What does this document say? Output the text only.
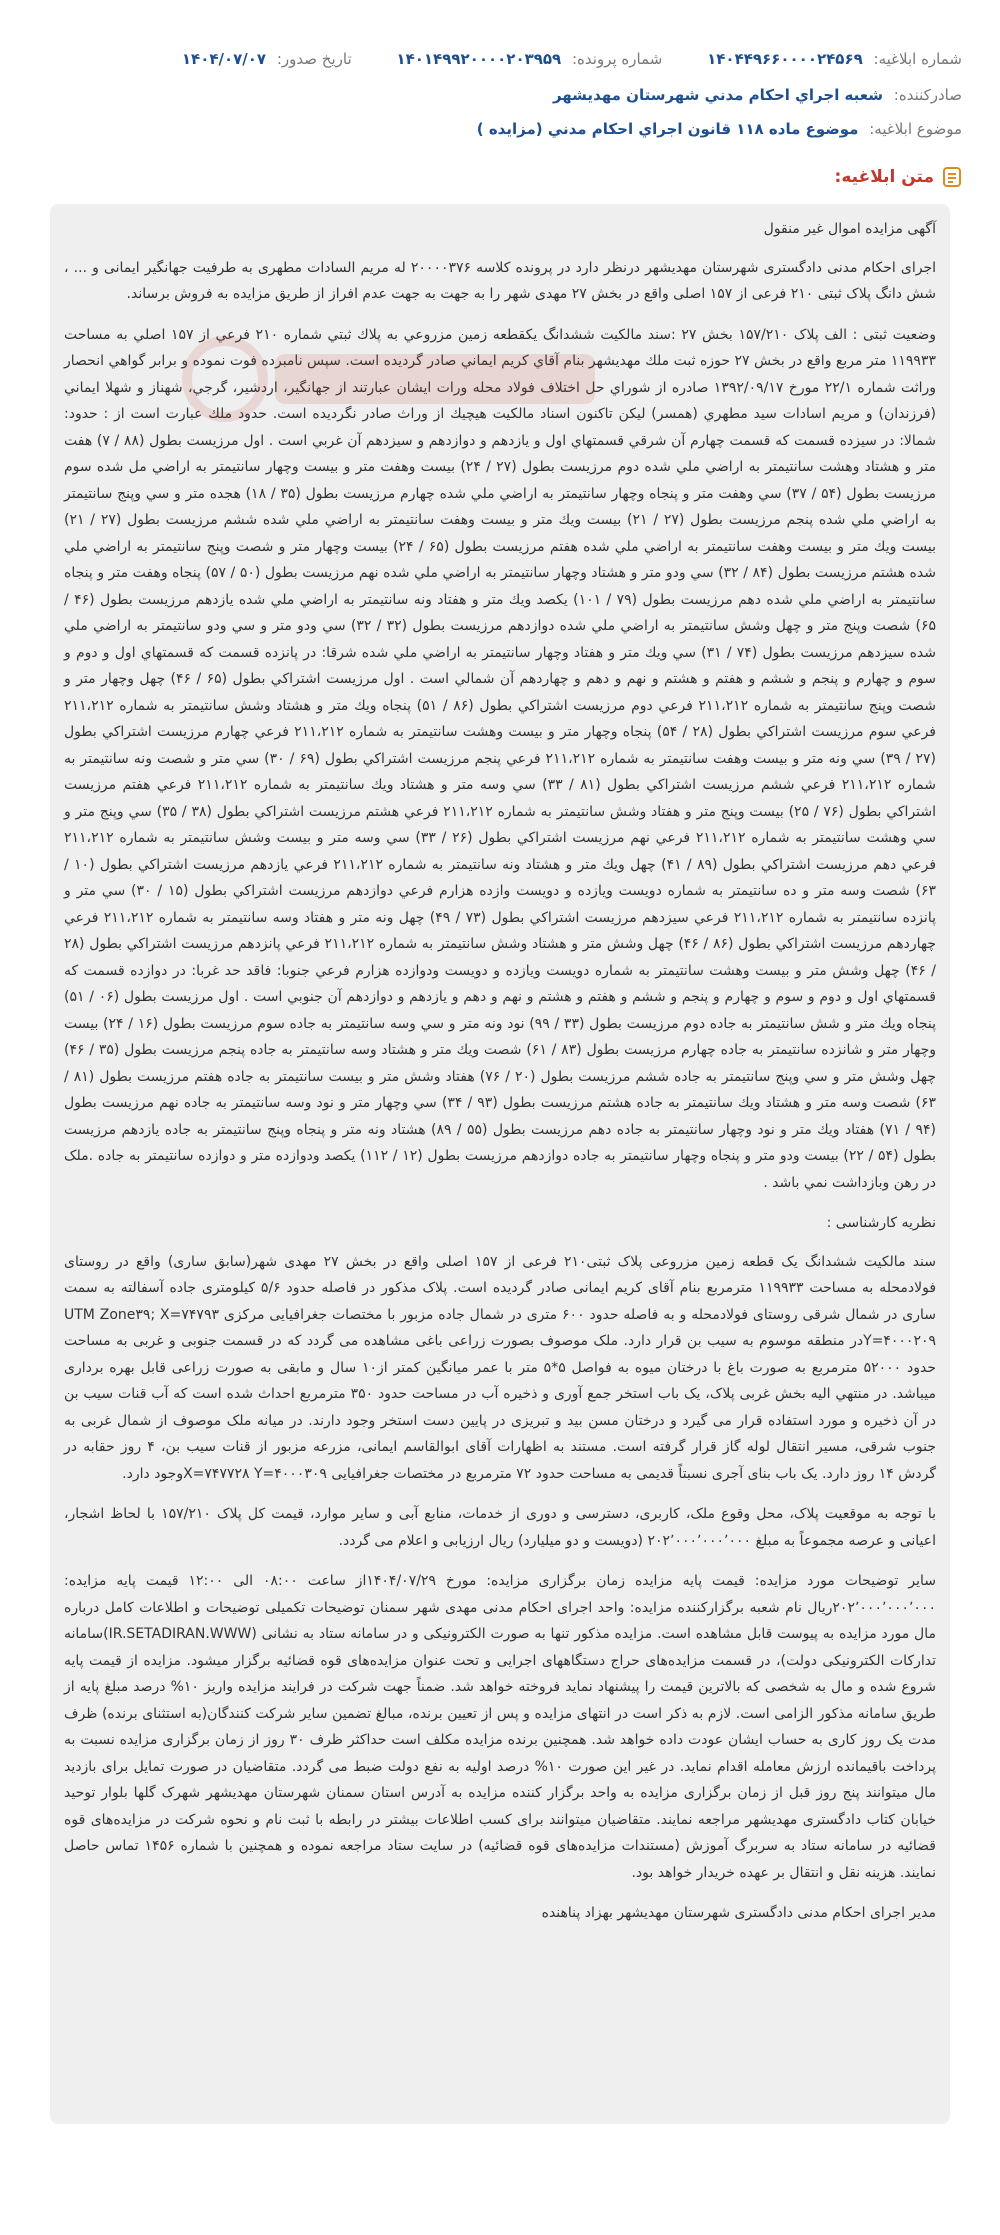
شماره ابلاغيه: ۱۴۰۴۴۹۶۶۰۰۰۰۲۴۵۶۹ شماره پرونده: ۱۴۰۱۴۹۹۲۰۰۰۰۲۰۳۹۵۹ تاريخ صدور: ۱۴۰۴/۰۷/۰۷
صادرکننده: شعبه اجراي احکام مدني شهرستان مهديشهر
موضوع ابلاغيه: موضوع ماده ۱۱۸ قانون اجراي احكام مدني (مزايده )
متن ابلاغيه:

آگهی مزایده اموال غیر منقول

اجرای احکام مدنی دادگستری شهرستان مهدیشهر درنظر دارد در پرونده کلاسه ۰۳۷۶‏‏‏۰۰۰‏‏‏۲ له مریم السادات مطهری به طرفیت جهانگیر ایمانی و ... ، شش دانگ پلاک ثبتی ۲۱۰ فرعی از ۱۵۷ اصلی واقع در بخش ۲۷ مهدی شهر را به جهت به جهت عدم افراز از طریق مزایده به فروش برساند.

وضعیت ثبتی : الف پلاک ۱۵۷/۲۱۰ بخش ۲۷ :سند مالكيت ششدانگ يكقطعه زمين مزروعي به پلاك ثبتي شماره ۲۱۰ فرعي از ۱۵۷ اصلي به مساحت ۱۱۹۹۳۳ متر مربع واقع در بخش ۲۷ حوزه ثبت ملك مهديشهر بنام آقاي كريم ايماني صادر گرديده است. سپس نامبرده فوت نموده و برابر گواهي انحصار وراثت شماره ۲۲/۱ مورخ ۱۳۹۲/۰۹/۱۷ صادره از شوراي حل اختلاف فولاد محله ورات ايشان عبارتند از جهانگير، اردشير، گرجي، شهناز و شهلا ايماني (فرزندان) و مريم اسادات سيد مطهري (همسر) ليكن تاكنون اسناد مالكيت هيچيك از وراث صادر نگرديده است. حدود ملك عبارت است از : حدود: شمالا: در سيزده قسمت كه قسمت چهارم آن شرقي قسمتهاي اول و يازدهم و دوازدهم و سيزدهم آن غربي است . اول مرزيست بطول (۸۸ / ۷) هفت متر و هشتاد وهشت سانتيمتر به اراضي ملي شده دوم مرزيست بطول (۲۷ / ۲۴) بيست وهفت متر و بيست وچهار سانتيمتر به اراضي مل شده سوم مرزيست بطول (۵۴ / ۳۷) سي وهفت متر و پنجاه وچهار سانتيمتر به اراضي ملي شده چهارم مرزيست بطول (۳۵ / ۱۸) هجده متر و سي وپنج سانتيمتر به اراضي ملي شده پنجم مرزيست بطول (۲۷ / ۲۱) بيست ويك متر و بيست وهفت سانتيمتر به اراضي ملي شده ششم مرزيست بطول (۲۷ / ۲۱) بيست ويك متر و بيست وهفت سانتيمتر به اراضي ملي شده هفتم مرزيست بطول (۶۵ / ۲۴) بيست وچهار متر و شصت وپنج سانتيمتر به اراضي ملي شده هشتم مرزيست بطول (۸۴ / ۳۲) سي ودو متر و هشتاد وچهار سانتيمتر به اراضي ملي شده نهم مرزيست بطول (۵۰ / ۵۷) پنجاه وهفت متر و پنجاه سانتيمتر به اراضي ملي شده دهم مرزيست بطول (۷۹ / ۱۰۱) يكصد ويك متر و هفتاد ونه سانتيمتر به اراضي ملي شده يازدهم مرزيست بطول (۴۶ / ۶۵) شصت وپنج متر و چهل وشش سانتيمتر به اراضي ملي شده دوازدهم مرزيست بطول (۳۲ / ۳۲) سي ودو متر و سي ودو سانتيمتر به اراضي ملي شده سيزدهم مرزيست بطول (۷۴ / ۳۱) سي ويك متر و هفتاد وچهار سانتيمتر به اراضي ملي شده شرقا: در پانزده قسمت كه قسمتهاي اول و دوم و سوم و چهارم و پنجم و ششم و هفتم و هشتم و نهم و دهم و چهاردهم آن شمالي است . اول مرزيست اشتراكي بطول (۶۵ / ۴۶) چهل وچهار متر و شصت وپنج سانتيمتر به شماره ۲۱۱،۲۱۲ فرعي دوم مرزيست اشتراكي بطول (۸۶ / ۵۱) پنجاه ويك متر و هشتاد وشش سانتيمتر به شماره ۲۱۱،۲۱۲ فرعي سوم مرزيست اشتراكي بطول (۲۸ / ۵۴) پنجاه وچهار متر و بيست وهشت سانتيمتر به شماره ۲۱۱،۲۱۲ فرعي چهارم مرزيست اشتراكي بطول (۲۷ / ۳۹) سي ونه متر و بيست وهفت سانتيمتر به شماره ۲۱۱،۲۱۲ فرعي پنجم مرزيست اشتراكي بطول (۶۹ / ۳۰) سي متر و شصت ونه سانتيمتر به شماره ۲۱۱،۲۱۲ فرعي ششم مرزيست اشتراكي بطول (۸۱ / ۳۳) سي وسه متر و هشتاد ويك سانتيمتر به شماره ۲۱۱،۲۱۲ فرعي هفتم مرزيست اشتراكي بطول (۷۶ / ۲۵) بيست وپنج متر و هفتاد وشش سانتيمتر به شماره ۲۱۱،۲۱۲ فرعي هشتم مرزيست اشتراكي بطول (۳۸ / ۳۵) سي وپنج متر و سي وهشت سانتيمتر به شماره ۲۱۱،۲۱۲ فرعي نهم مرزيست اشتراكي بطول (۲۶ / ۳۳) سي وسه متر و بيست وشش سانتيمتر به شماره ۲۱۱،۲۱۲ فرعي دهم مرزيست اشتراكي بطول (۸۹ / ۴۱) چهل ويك متر و هشتاد ونه سانتيمتر به شماره ۲۱۱،۲۱۲ فرعي يازدهم مرزيست اشتراكي بطول (۱۰ / ۶۳) شصت وسه متر و ده سانتيمتر به شماره دويست ويازده و دويست وازده هزارم فرعي دوازدهم مرزيست اشتراكي بطول (۱۵ / ۳۰) سي متر و پانزده سانتيمتر به شماره ۲۱۱،۲۱۲ فرعي سيزدهم مرزيست اشتراكي بطول (۷۳ / ۴۹) چهل ونه متر و هفتاد وسه سانتيمتر به شماره ۲۱۱،۲۱۲ فرعي چهاردهم مرزيست اشتراكي بطول (۸۶ / ۴۶) چهل وشش متر و هشتاد وشش سانتيمتر به شماره ۲۱۱،۲۱۲ فرعي پانزدهم مرزيست اشتراكي بطول (۲۸ / ۴۶) چهل وشش متر و بيست وهشت سانتيمتر به شماره دويست ويازده و دويست ودوازده هزارم فرعي جنوبا: فاقد حد غربا: در دوازده قسمت كه قسمتهاي اول و دوم و سوم و چهارم و پنجم و ششم و هفتم و هشتم و نهم و دهم و يازدهم و دوازدهم آن جنوبي است . اول مرزيست بطول (۰۶ / ۵۱) پنجاه ويك متر و شش سانتيمتر به جاده دوم مرزيست بطول (۳۳ / ۹۹) نود ونه متر و سي وسه سانتيمتر به جاده سوم مرزيست بطول (۱۶ / ۲۴) بيست وچهار متر و شانزده سانتيمتر به جاده چهارم مرزيست بطول (۸۳ / ۶۱) شصت ويك متر و هشتاد وسه سانتيمتر به جاده پنجم مرزيست بطول (۳۵ / ۴۶) چهل وشش متر و سي وپنج سانتيمتر به جاده ششم مرزيست بطول (۲۰ / ۷۶) هفتاد وشش متر و بيست سانتيمتر به جاده هفتم مرزيست بطول (۸۱ / ۶۳) شصت وسه متر و هشتاد ويك سانتيمتر به جاده هشتم مرزيست بطول (۹۳ / ۳۴) سي وچهار متر و نود وسه سانتيمتر به جاده نهم مرزيست بطول (۹۴ / ۷۱) هفتاد ويك متر و نود وچهار سانتيمتر به جاده دهم مرزيست بطول (۵۵ / ۸۹) هشتاد ونه متر و پنجاه وپنج سانتيمتر به جاده يازدهم مرزيست بطول (۵۴ / ۲۲) بيست ودو متر و پنجاه وچهار سانتيمتر به جاده دوازدهم مرزيست بطول (۱۲ / ۱۱۲) يكصد ودوازده متر و دوازده سانتيمتر به جاده .ملک در رهن وبازداشت نمي باشد .

نظریه کارشناسی :

سند مالکیت ششدانگ یک قطعه زمین مزروعی پلاک ثبتی۲۱۰ فرعی از ۱۵۷ اصلی واقع در بخش ۲۷ مهدی شهر(سابق ساری) واقع در روستای فولادمحله به مساحت ۱۱۹۹۳۳ مترمربع بنام آقای کریم ایمانی صادر گردیده است. پلاک مذکور در فاصله حدود ۵/۶ کیلومتری جاده آسفالته به سمت ساری در شمال شرقی روستای فولادمحله و به فاصله حدود ۶۰۰ متری در شمال جاده مزبور با مختصات جغرافیایی مرکزی UTM Zone۳۹; X=۷۴۷۹۳ Y=۴۰۰۰۲۰۹در منطقه موسوم به سیب بن قرار دارد. ملک موصوف بصورت زراعی باغی مشاهده می گردد که در قسمت جنوبی و غربی به مساحت حدود ۵۲۰۰۰ مترمربع به صورت باغ با درختان میوه به فواصل ۵*۵ متر با عمر میانگین کمتر از۱۰ سال و مابقی به صورت زراعی قابل بهره برداری میباشد. در منتهي الیه بخش غربی پلاک، یک باب استخر جمع آوری و ذخیره آب در مساحت حدود ۳۵۰ مترمربع احداث شده است که آب قنات سیب بن در آن ذخیره و مورد استفاده قرار می گیرد و درختان مسن بید و تبریزی در پایین دست استخر وجود دارند. در میانه ملک موصوف از شمال غربی به جنوب شرقی، مسیر انتقال لوله گاز قرار گرفته است. مستند به اظهارات آقای ابوالقاسم ایمانی، مزرعه مزبور از قنات سیب بن، ۴ روز حقابه در گردش ۱۴ روز دارد. یک باب بنای آجری نسبتاً قدیمی به مساحت حدود ۷۲ مترمربع در مختصات جغرافیایی X=۷۴۷۷۲۸ Y=۴۰۰۰۳۰۹وجود دارد.

با توجه به موقعیت پلاک، محل وقوع ملک، کاربری، دسترسی و دوری از خدمات، منابع آبی و سایر موارد، قیمت کل پلاک ۱۵۷/۲۱۰ با لحاظ اشجار، اعیانی و عرصه مجموعاً به مبلغ ۲۰۲٬۰۰۰٬۰۰۰٬۰۰۰ (دویست و دو میلیارد) ریال ارزیابی و اعلام می گردد.

سایر توضیحات مورد مزایده: قیمت پایه مزایده زمان برگزاری مزایده: مورخ ۱۴۰۴/۰۷/۲۹از ساعت ۰۸:۰۰ الی ۱۲:۰۰ قیمت پایه مزایده: ۲۰۲٬۰۰۰٬۰۰۰٬۰۰۰ریال نام شعبه برگزارکننده مزایده: واحد اجرای احکام مدنی مهدی شهر سمنان توضیحات تکمیلی توضیحات و اطلاعات کامل درباره مال مورد مزایده به پیوست قابل مشاهده است. مزایده مذکور تنها به صورت الکترونیکی و در سامانه ستاد به نشانی (IR.SETADIRAN.WWW)سامانه تدارکات الکترونیکی دولت)، در قسمت مزایده‌های حراج دستگاههای اجرایی و تحت عنوان مزایده‌های قوه قضائیه برگزار میشود. مزایده از قیمت پایه شروع شده و مال به شخصی که بالاترین قیمت را پیشنهاد نماید فروخته خواهد شد. ضمناً جهت شرکت در فرایند مزایده واریز ۱۰% درصد مبلغ پایه از طریق سامانه مذکور الزامی است. لازم به ذکر است در انتهای مزایده و پس از تعیین برنده، مبالغ تضمین سایر شرکت کنندگان(به استثنای برنده) ظرف مدت یک روز کاری به حساب ایشان عودت داده خواهد شد. همچنین برنده مزایده مکلف است حداکثر ظرف ۳۰ روز از زمان برگزاری مزایده نسبت به پرداخت باقیمانده ارزش معامله اقدام نماید. در غیر این صورت ۱۰% درصد اولیه به نفع دولت ضبط می گردد. متقاضیان در صورت تمایل برای بازدید مال میتوانند پنج روز قبل از زمان برگزاری مزایده به واحد برگزار کننده مزایده به آدرس استان سمنان شهرستان مهدیشهر شهرک گلها بلوار توحید خیابان کتاب دادگستری مهدیشهر مراجعه نمایند. متقاضیان میتوانند برای کسب اطلاعات بیشتر در رابطه با ثبت نام و نحوه شرکت در مزایده‌های قوه قضائیه در سامانه ستاد به سربرگ آموزش (مستندات مزایده‌های قوه قضائیه) در سایت ستاد مراجعه نموده و همچنین با شماره ۱۴۵۶ تماس حاصل نمایند. هزینه نقل و انتقال بر عهده خریدار خواهد بود.

مدیر اجرای احکام مدنی دادگستری شهرستان مهدیشهر بهزاد پناهنده
